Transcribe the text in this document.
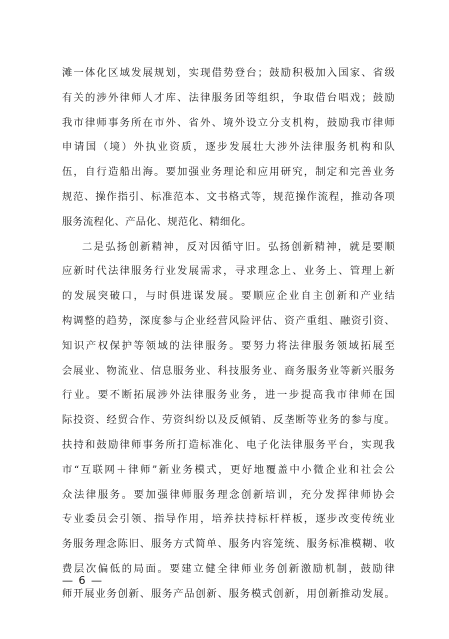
滩一体化区域发展规划，实现借势登台；鼓励积极加入国家、省级
有关的涉外律师人才库、法律服务团等组织，争取借台唱戏；鼓励
我市律师事务所在市外、省外、境外设立分支机构，鼓励我市律师
申请国（境）外执业资质，逐步发展壮大涉外法律服务机构和队
伍，自行造船出海。要加强业务理论和应用研究，制定和完善业务
规范、操作指引、标准范本、文书格式等，规范操作流程，推动各项
服务流程化、产品化、规范化、精细化。
二是弘扬创新精神，反对因循守旧。弘扬创新精神，就是要顺
应新时代法律服务行业发展需求，寻求理念上、业务上、管理上新
的发展突破口，与时俱进谋发展。要顺应企业自主创新和产业结
构调整的趋势，深度参与企业经营风险评估、资产重组、融资引资、
知识产权保护等领域的法律服务。要努力将法律服务领域拓展至
会展业、物流业、信息服务业、科技服务业、商务服务业等新兴服务
行业。要不断拓展涉外法律服务业务，进一步提高我市律师在国
际投资、经贸合作、劳资纠纷以及反倾销、反垄断等业务的参与度。
扶持和鼓励律师事务所打造标准化、电子化法律服务平台，实现我
市“互联网＋律师”新业务模式，更好地覆盖中小微企业和社会公
众法律服务。要加强律师服务理念创新培训，充分发挥律师协会
专业委员会引领、指导作用，培养扶持标杆样板，逐步改变传统业
务服务理念陈旧、服务方式简单、服务内容笼统、服务标准模糊、收
费层次偏低的局面。要建立健全律师业务创新激励机制，鼓励律
师开展业务创新、服务产品创新、服务模式创新，用创新推动发展。
— 6 —
